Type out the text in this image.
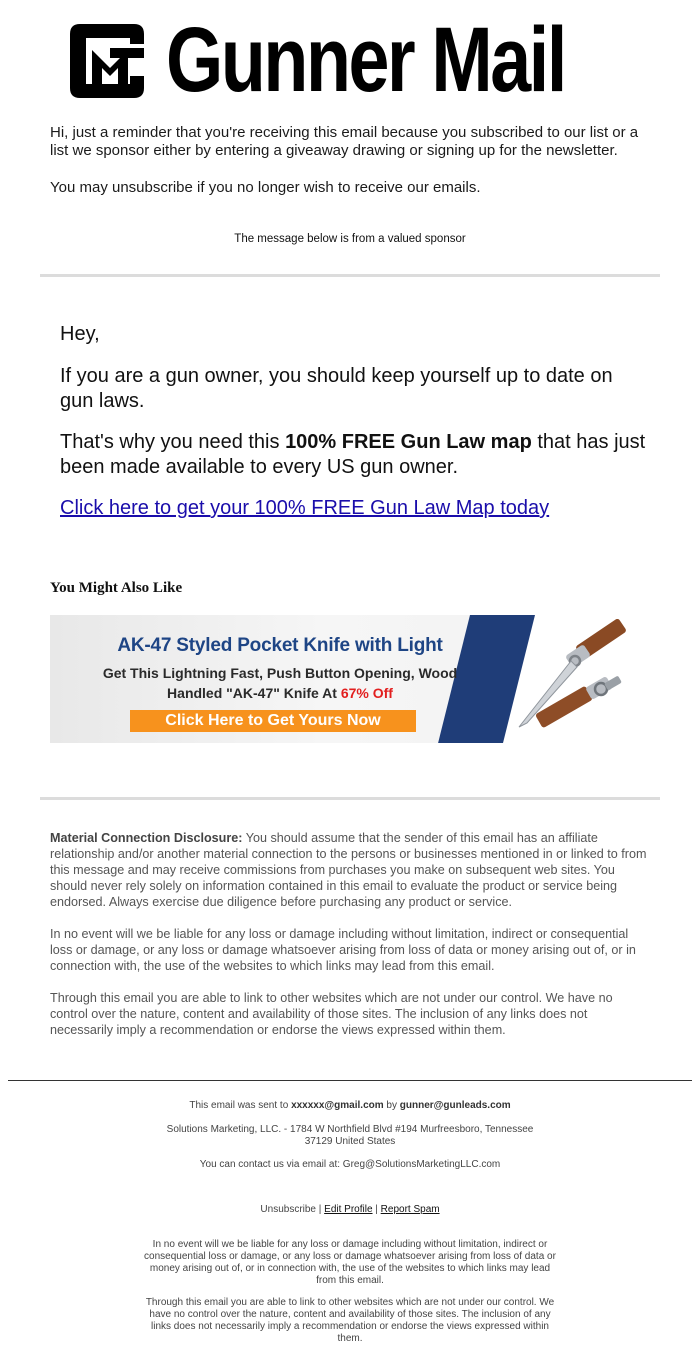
Gunner Mail

Hi, just a reminder that you're receiving this email because you subscribed to our list or a list we sponsor either by entering a giveaway drawing or signing up for the newsletter.

You may unsubscribe if you no longer wish to receive our emails.

The message below is from a valued sponsor

Hey,

If you are a gun owner, you should keep yourself up to date on gun laws.

That's why you need this 100% FREE Gun Law map that has just been made available to every US gun owner.

Click here to get your 100% FREE Gun Law Map today

You Might Also Like
AK-47 Styled Pocket Knife with Light
Get This Lightning Fast, Push Button Opening, Wood
Handled "AK-47" Knife At 67% Off
Click Here to Get Yours Now

Material Connection Disclosure: You should assume that the sender of this email has an affiliate relationship and/or another material connection to the persons or businesses mentioned in or linked to from this message and may receive commissions from purchases you make on subsequent web sites. You should never rely solely on information contained in this email to evaluate the product or service being endorsed. Always exercise due diligence before purchasing any product or service.

In no event will we be liable for any loss or damage including without limitation, indirect or consequential loss or damage, or any loss or damage whatsoever arising from loss of data or money arising out of, or in connection with, the use of the websites to which links may lead from this email.

Through this email you are able to link to other websites which are not under our control. We have no control over the nature, content and availability of those sites. The inclusion of any links does not necessarily imply a recommendation or endorse the views expressed within them.

This email was sent to xxxxxx@gmail.com by gunner@gunleads.com
Solutions Marketing, LLC. - 1784 W Northfield Blvd #194 Murfreesboro, Tennessee
37129 United States
You can contact us via email at: Greg@SolutionsMarketingLLC.com
Unsubscribe | Edit Profile | Report Spam
In no event will we be liable for any loss or damage including without limitation, indirect or consequential loss or damage, or any loss or damage whatsoever arising from loss of data or money arising out of, or in connection with, the use of the websites to which links may lead from this email.
Through this email you are able to link to other websites which are not under our control. We have no control over the nature, content and availability of those sites. The inclusion of any links does not necessarily imply a recommendation or endorse the views expressed within them.
